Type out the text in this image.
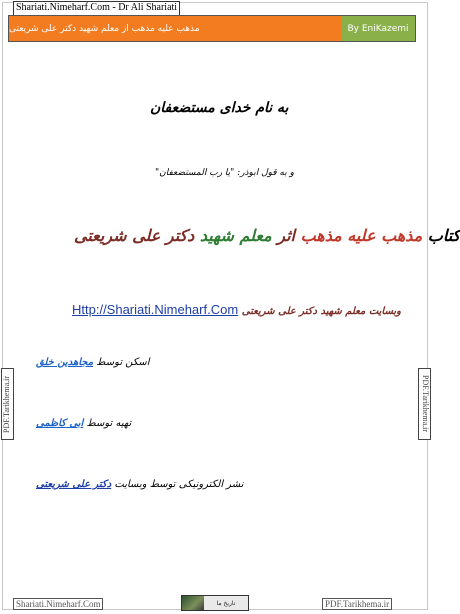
Shariati.Nimeharf.Com - Dr Ali Shariati
مذهب علیه مذهب از معلم شهید دکتر علی شریعتی	By EniKazemi
به نام خدای مستضعفان
و به قول ابوذر: "یا رب المستضعفان"
کتاب مذهب علیه مذهب اثر معلم شهید دکتر علی شریعتی
وبسایت معلم شهید دکتر علی شریعتی Http://Shariati.Nimeharf.Com
اسکن توسط مجاهدین خلق
تهیه توسط ابی کاظمی
نشر الکترونیکی توسط وبسایت دکتر علی شریعتی
PDF.Tarikhema.ir	PDF.Tarikhema.ir
Shariati.Nimeharf.Com	تاریخ ما	PDF.Tarikhema.ir
